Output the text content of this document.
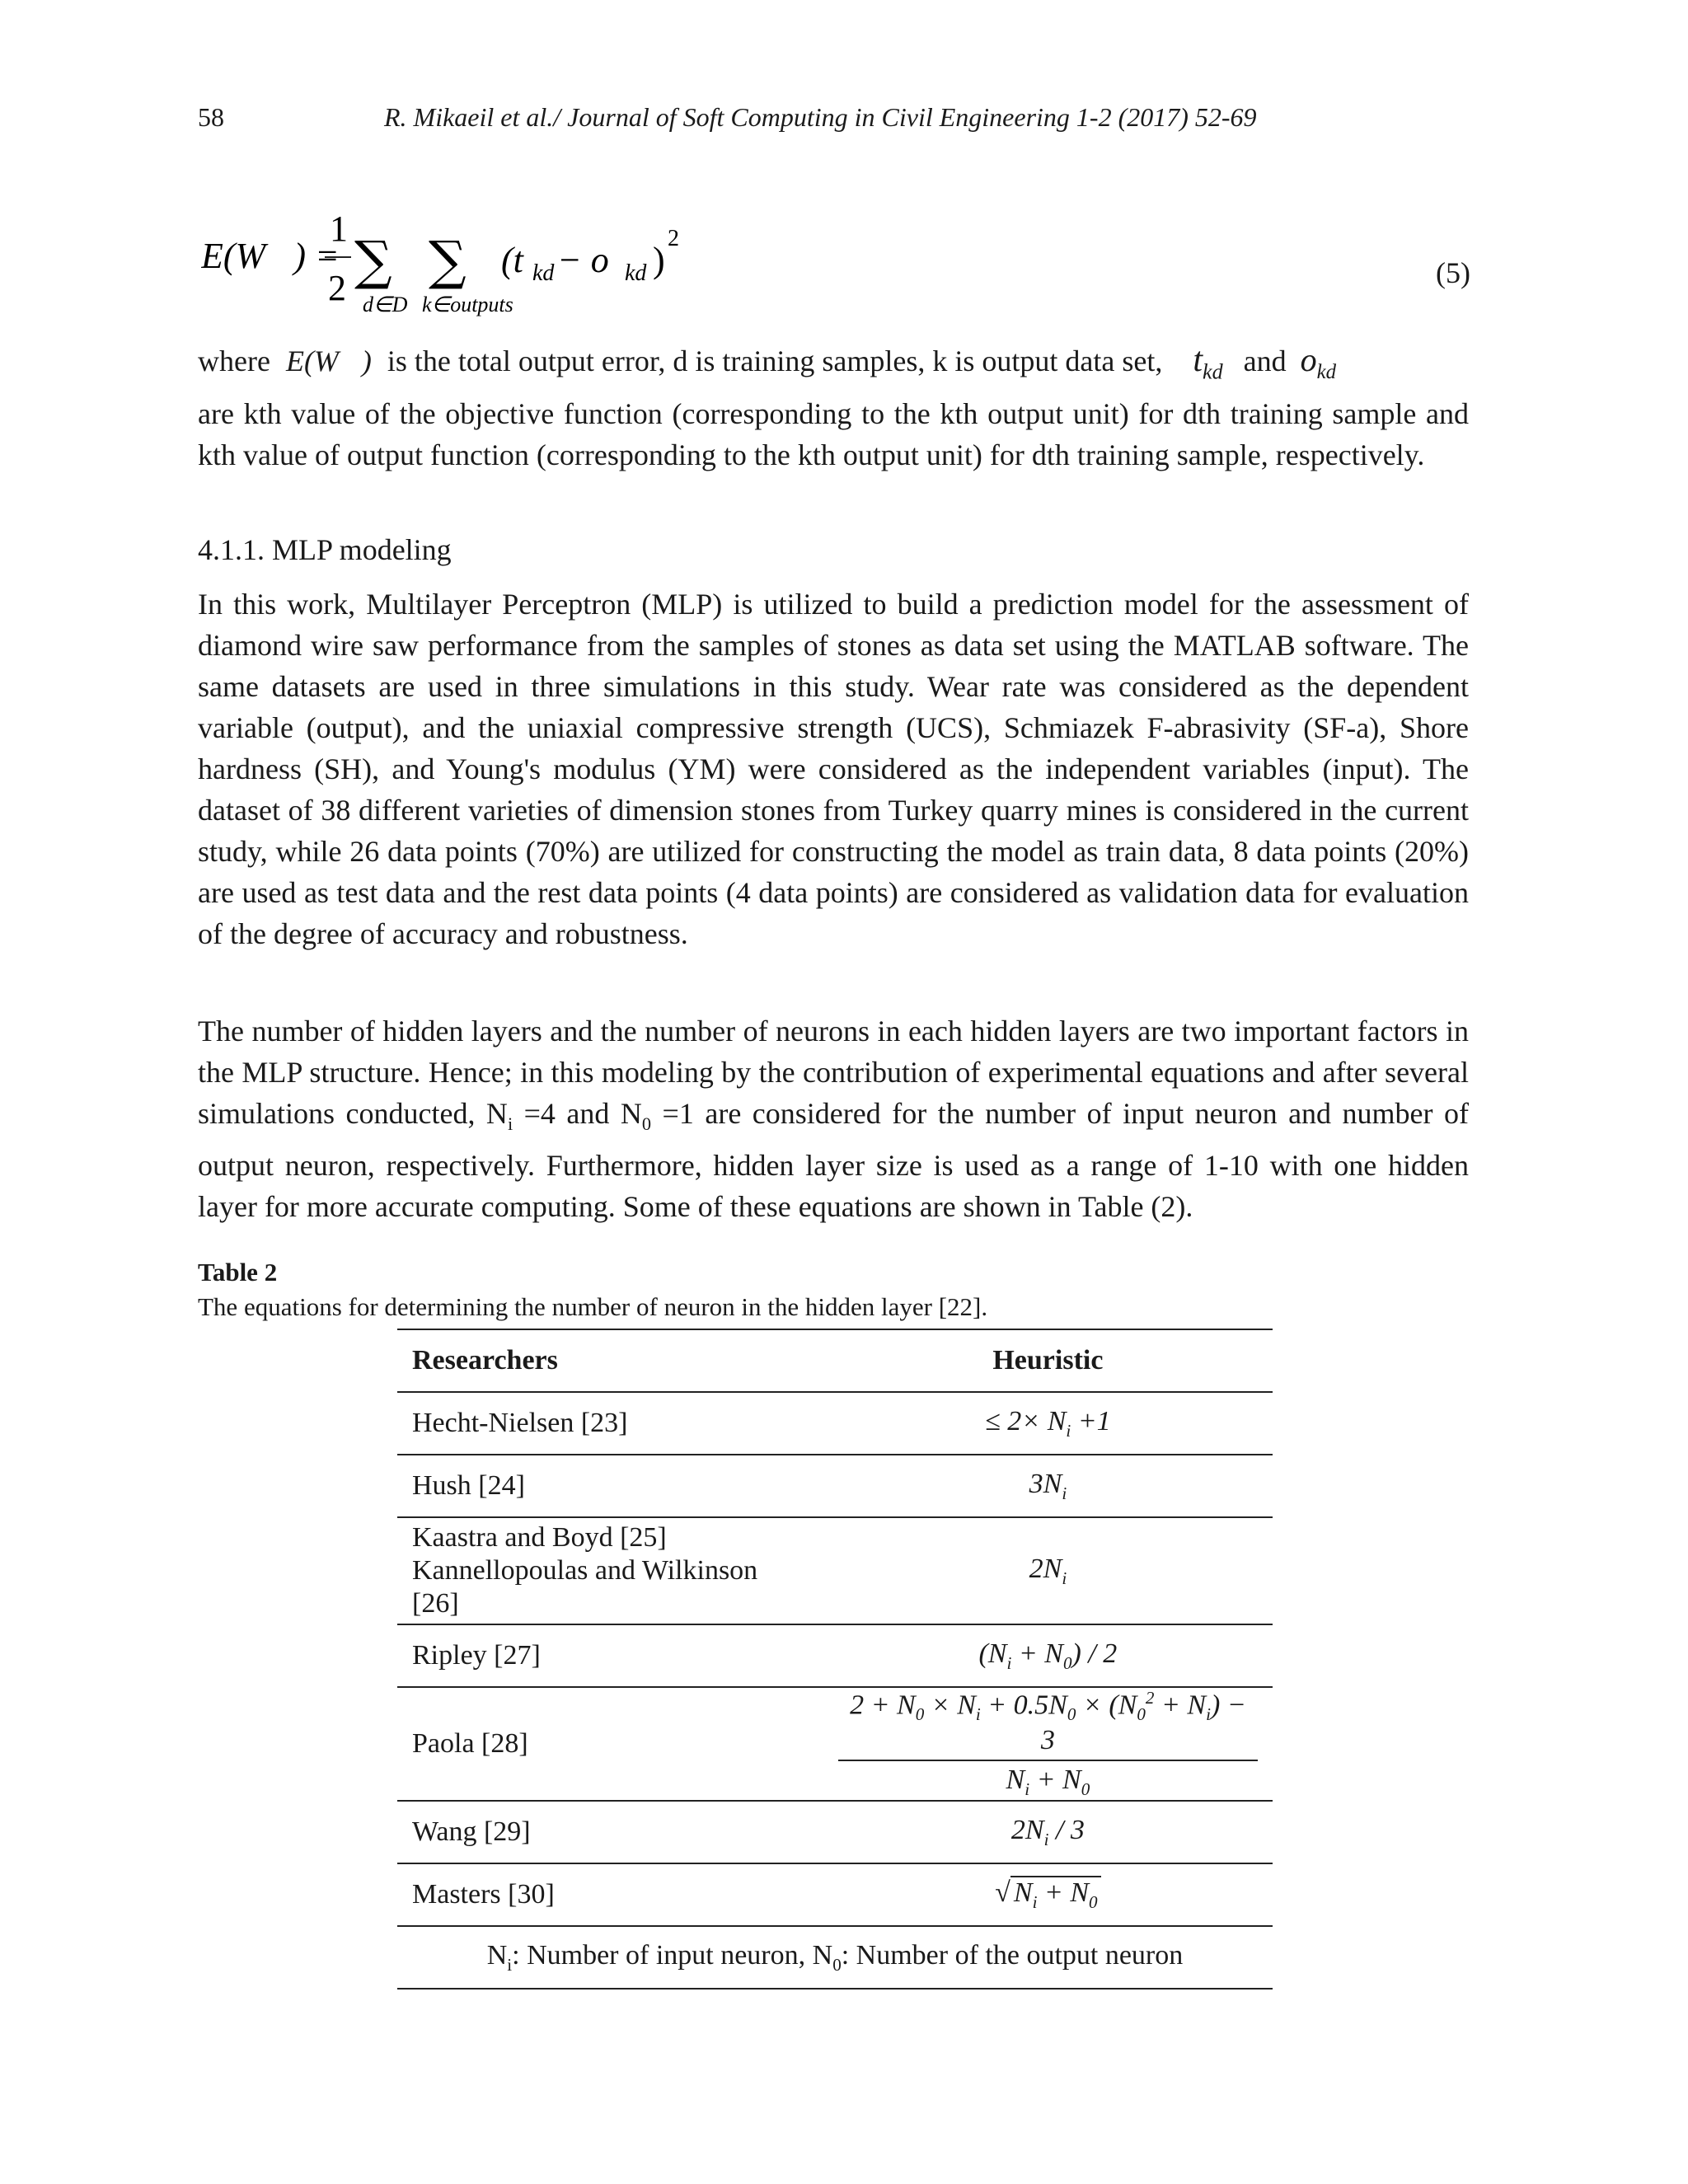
58	R. Mikaeil et al./ Journal of Soft Computing in Civil Engineering 1-2 (2017) 52-69
E(W⃗) =
1
2 ∑ ∑
d∈D k∈outputs
(t kd − o kd )
2
(5)
where E(W⃗) is the total output error, d is training samples, k is output data set, $t_{kd}$ and $o_{kd}$
are kth value of the objective function (corresponding to the kth output unit) for dth training sample and kth value of output function (corresponding to the kth output unit) for dth training sample, respectively.
4.1.1. MLP modeling

In this work, Multilayer Perceptron (MLP) is utilized to build a prediction model for the assessment of diamond wire saw performance from the samples of stones as data set using the MATLAB software. The same datasets are used in three simulations in this study. Wear rate was considered as the dependent variable (output), and the uniaxial compressive strength (UCS), Schmiazek F-abrasivity (SF-a), Shore hardness (SH), and Young's modulus (YM) were considered as the independent variables (input). The dataset of 38 different varieties of dimension stones from Turkey quarry mines is considered in the current study, while 26 data points (70%) are utilized for constructing the model as train data, 8 data points (20%) are used as test data and the rest data points (4 data points) are considered as validation data for evaluation of the degree of accuracy and robustness.

The number of hidden layers and the number of neurons in each hidden layers are two important factors in the MLP structure. Hence; in this modeling by the contribution of experimental equations and after several simulations conducted, $N_i =4$ and $N_0 =1$ are considered for the number of input neuron and number of output neuron, respectively. Furthermore, hidden layer size is used as a range of 1-10 with one hidden layer for more accurate computing. Some of these equations are shown in Table (2).

Table 2
The equations for determining the number of neuron in the hidden layer [22].
Researchers	Heuristic
Hecht-Nielsen [23]	≤ $2\times N_i +1$
Hush [24]	$3N_i$
Kaastra and Boyd [25]
Kannellopoulas and Wilkinson [26]	$2N_i$
Ripley [27]	$(N_i + N_0) / 2$
Paola [28]	$\frac{2 + N_0 \times N_i + 0.5N_0 \times (N_0^2 + N_i) - 3}{N_i + N_0}$

Wang [29]	$2N_i / 3$
Masters [30]	√ $N_i + N_0$
$N_i$: Number of input neuron, $N_0$: Number of the output neuron	
